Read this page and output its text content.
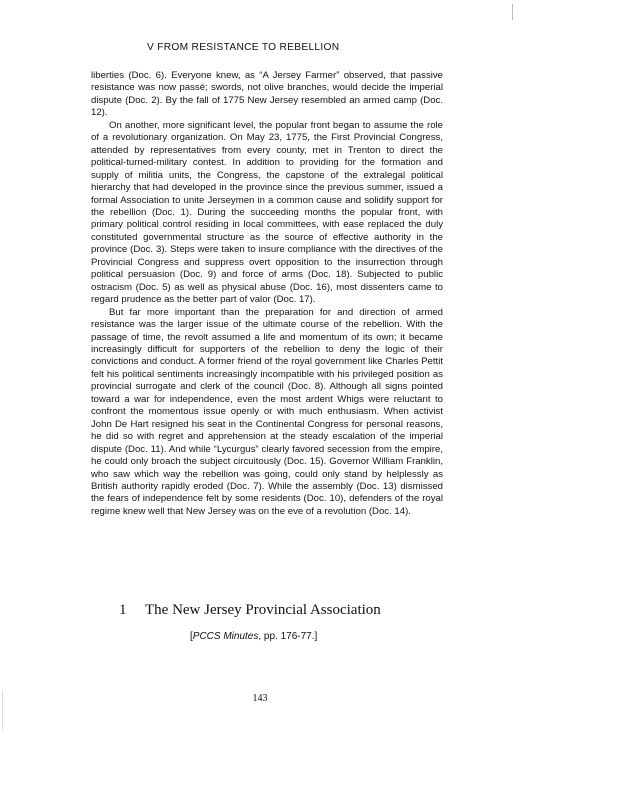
V FROM RESISTANCE TO REBELLION

liberties (Doc. 6). Everyone knew, as “A Jersey Farmer” observed, that passive resistance was now passé; swords, not olive branches, would decide the imperial dispute (Doc. 2). By the fall of 1775 New Jersey resembled an armed camp (Doc. 12).

On another, more significant level, the popular front began to assume the role of a revolutionary organization. On May 23, 1775, the First Provincial Congress, attended by representatives from every county, met in Trenton to direct the political-turned-military contest. In addition to providing for the formation and supply of militia units, the Congress, the capstone of the extralegal political hierarchy that had developed in the province since the previous summer, issued a formal Association to unite Jerseymen in a common cause and solidify support for the rebellion (Doc. 1). During the succeeding months the popular front, with primary political control residing in local committees, with ease replaced the duly constituted governmental structure as the source of effective authority in the province (Doc. 3). Steps were taken to insure compliance with the directives of the Provincial Congress and suppress overt opposition to the insurrection through political persuasion (Doc. 9) and force of arms (Doc. 18). Subjected to public ostracism (Doc. 5) as well as physical abuse (Doc. 16), most dissenters came to regard prudence as the better part of valor (Doc. 17).

But far more important than the preparation for and direction of armed resistance was the larger issue of the ultimate course of the rebellion. With the passage of time, the revolt assumed a life and momentum of its own; it became increasingly difficult for supporters of the rebellion to deny the logic of their convictions and conduct. A former friend of the royal government like Charles Pettit felt his political sentiments increasingly incompatible with his privileged position as provincial surrogate and clerk of the council (Doc. 8). Although all signs pointed toward a war for independence, even the most ardent Whigs were reluctant to confront the momentous issue openly or with much enthusiasm. When activist John De Hart resigned his seat in the Continental Congress for personal reasons, he did so with regret and apprehension at the steady escalation of the imperial dispute (Doc. 11). And while “Lycurgus” clearly favored secession from the empire, he could only broach the subject circuitously (Doc. 15). Governor William Franklin, who saw which way the rebellion was going, could only stand by helplessly as British authority rapidly eroded (Doc. 7). While the assembly (Doc. 13) dismissed the fears of independence felt by some residents (Doc. 10), defenders of the royal regime knew well that New Jersey was on the eve of a revolution (Doc. 14).

1 The New Jersey Provincial Association
[PCCS Minutes, pp. 176-77.]
143
